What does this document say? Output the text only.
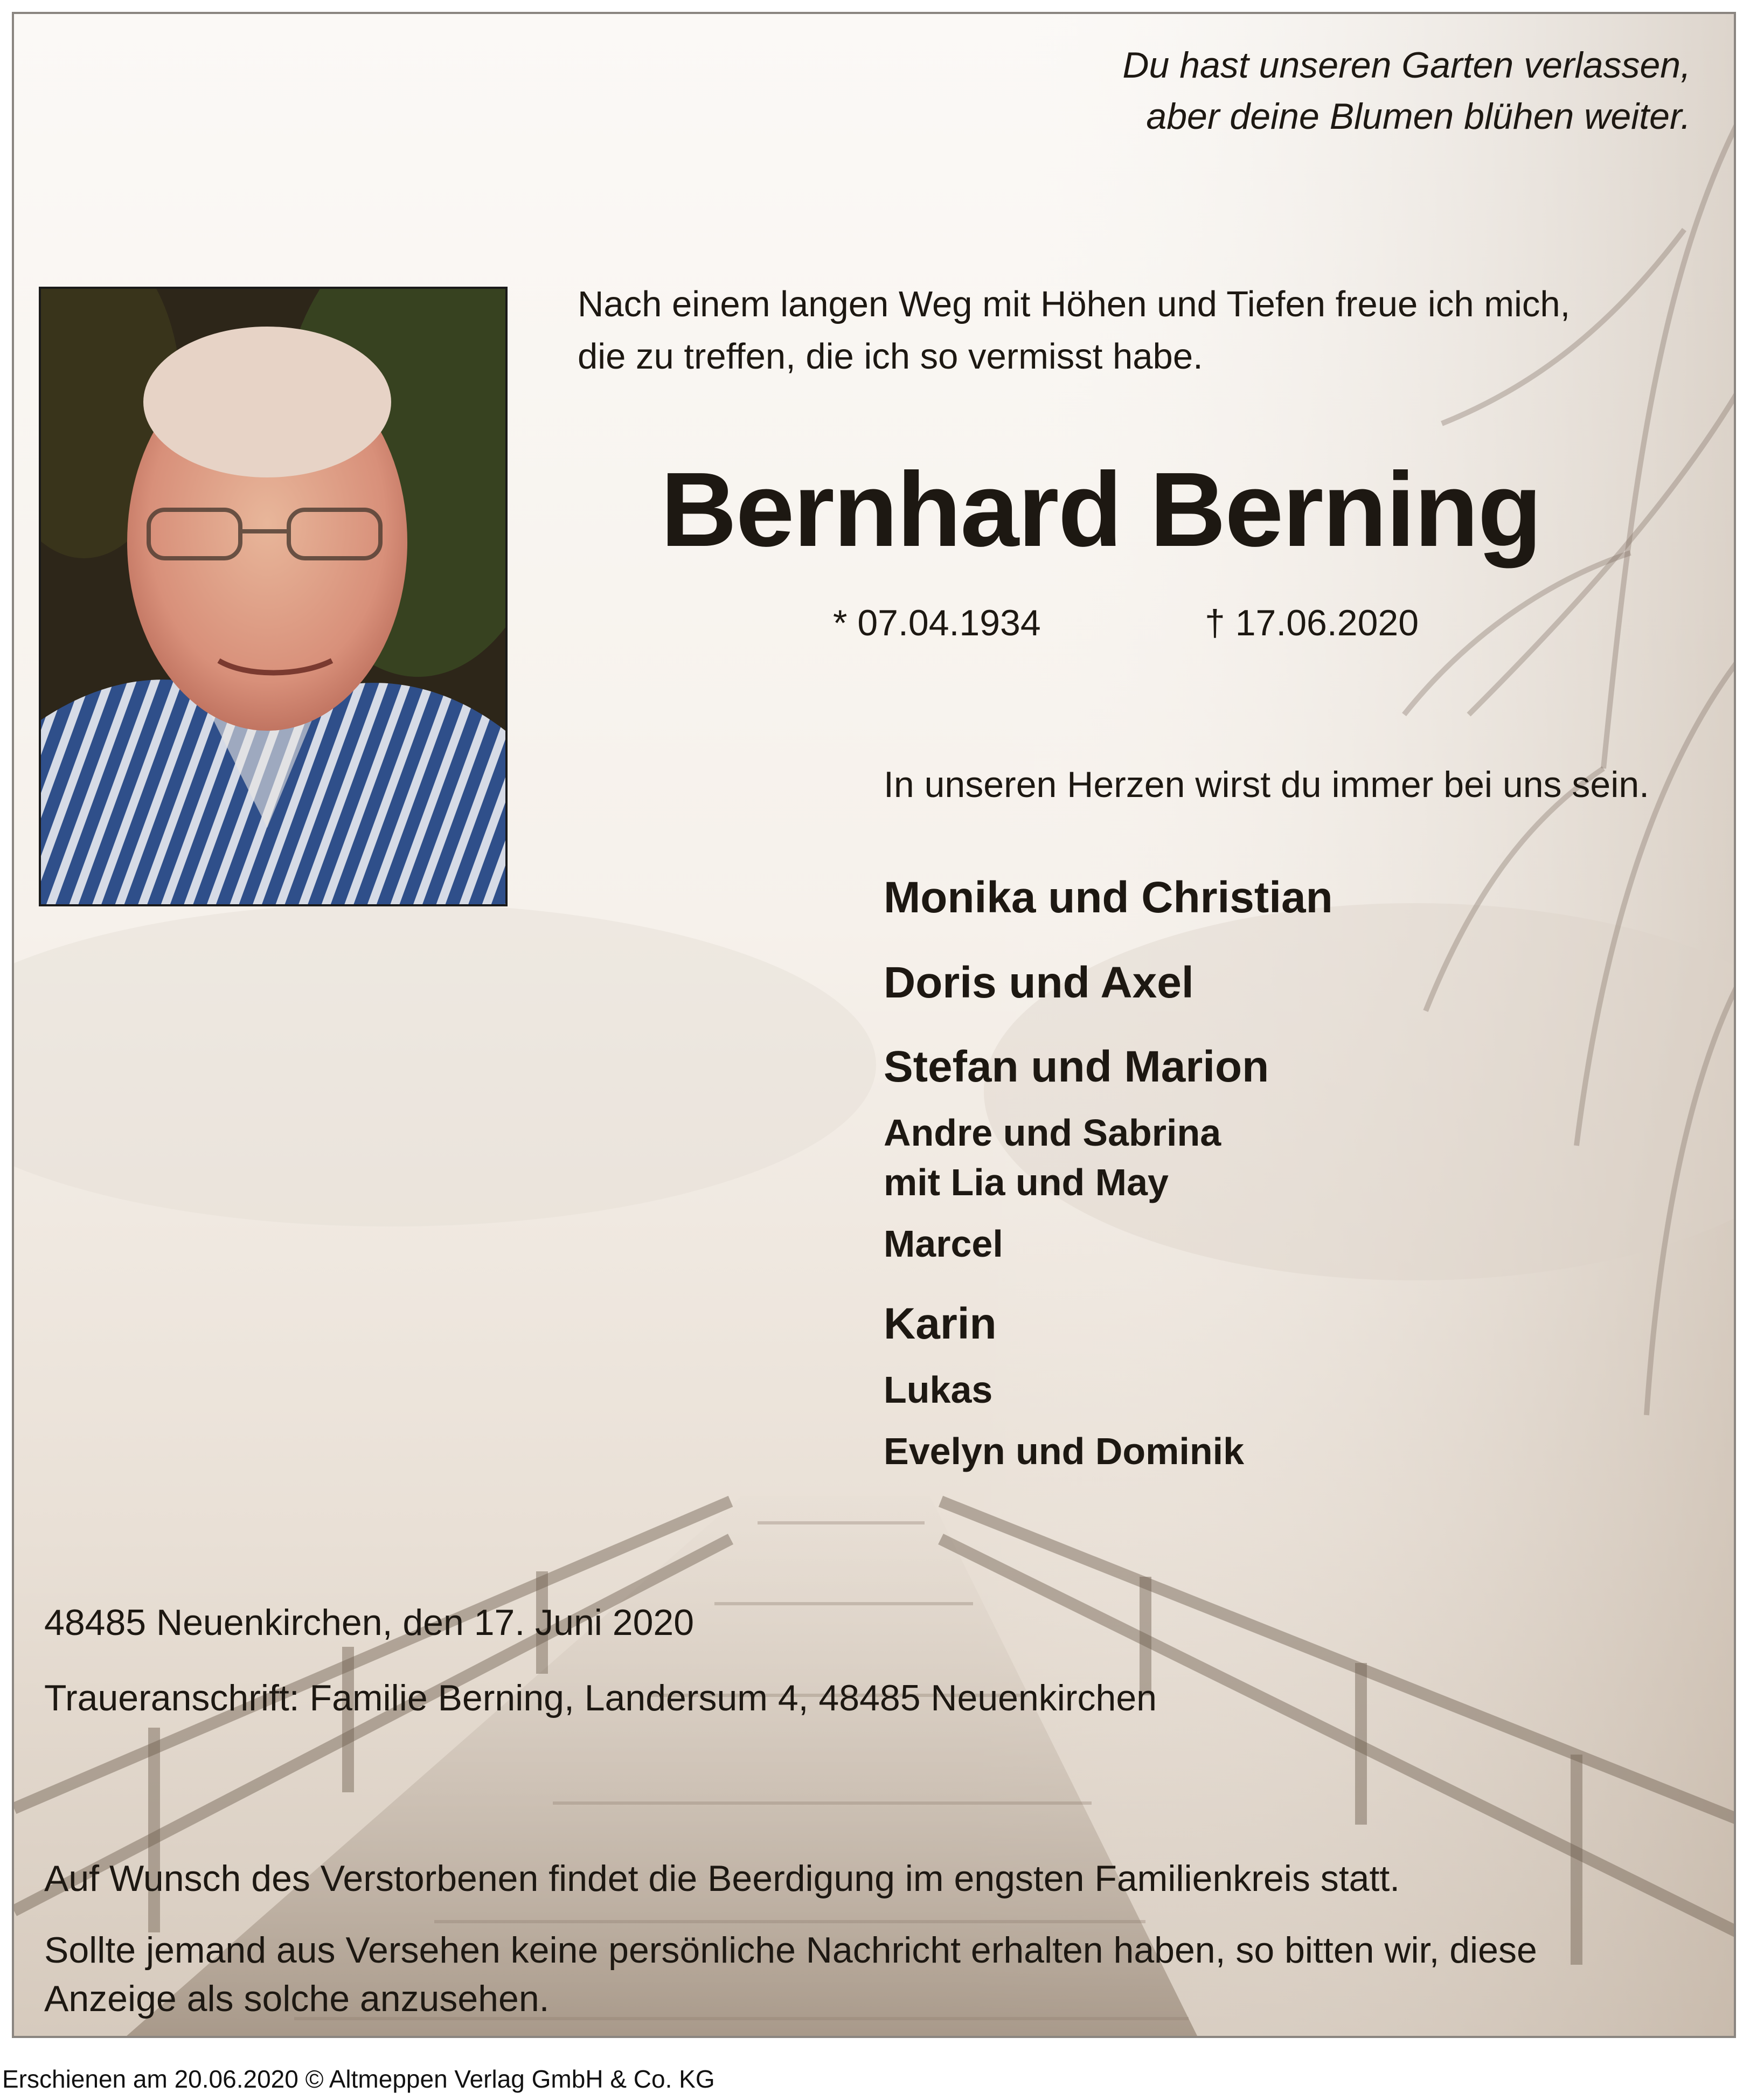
Du hast unseren Garten verlassen,
aber deine Blumen blühen weiter.
Nach einem langen Weg mit Höhen und Tiefen freue ich mich,
die zu treffen, die ich so vermisst habe.
Bernhard Berning
* 07.04.1934	† 17.06.2020
In unseren Herzen wirst du immer bei uns sein.
Monika und Christian
Doris und Axel
Stefan und Marion
Andre und Sabrina
mit Lia und May
Marcel
Karin
Lukas
Evelyn und Dominik
48485 Neuenkirchen, den 17. Juni 2020
Traueranschrift: Familie Berning, Landersum 4, 48485 Neuenkirchen
Auf Wunsch des Verstorbenen findet die Beerdigung im engsten Familienkreis statt.
Sollte jemand aus Versehen keine persönliche Nachricht erhalten haben, so bitten wir, diese
Anzeige als solche anzusehen.
Erschienen am 20.06.2020 © Altmeppen Verlag GmbH & Co. KG
